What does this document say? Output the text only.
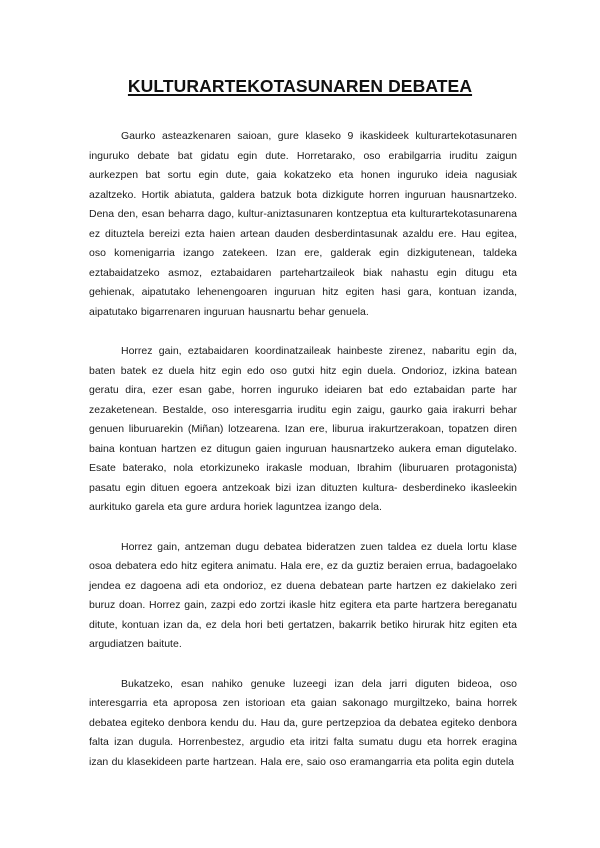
KULTURARTEKOTASUNAREN DEBATEA

Gaurko asteazkenaren saioan, gure klaseko 9 ikaskideek kulturartekotasunaren inguruko debate bat gidatu egin dute. Horretarako, oso erabilgarria iruditu zaigun aurkezpen bat sortu egin dute, gaia kokatzeko eta honen inguruko ideia nagusiak azaltzeko. Hortik abiatuta, galdera batzuk bota dizkigute horren inguruan hausnartzeko. Dena den, esan beharra dago, kultur-aniztasunaren kontzeptua eta kulturartekotasunarena ez dituztela bereizi ezta haien artean dauden desberdintasunak azaldu ere. Hau egitea, oso komenigarria izango zatekeen. Izan ere, galderak egin dizkigutenean, taldeka eztabaidatzeko asmoz, eztabaidaren partehartzaileok biak nahastu egin ditugu eta gehienak, aipatutako lehenengoaren inguruan hitz egiten hasi gara, kontuan izanda, aipatutako bigarrenaren inguruan hausnartu behar genuela.

Horrez gain, eztabaidaren koordinatzaileak hainbeste zirenez, nabaritu egin da, baten batek ez duela hitz egin edo oso gutxi hitz egin duela. Ondorioz, izkina batean geratu dira, ezer esan gabe, horren inguruko ideiaren bat edo eztabaidan parte har zezaketenean. Bestalde, oso interesgarria iruditu egin zaigu, gaurko gaia irakurri behar genuen liburuarekin (Miñan) lotzearena. Izan ere, liburua irakurtzerakoan, topatzen diren baina kontuan hartzen ez ditugun gaien inguruan hausnartzeko aukera eman digutelako. Esate baterako, nola etorkizuneko irakasle moduan, Ibrahim (liburuaren protagonista) pasatu egin dituen egoera antzekoak bizi izan dituzten kultura- desberdineko ikasleekin aurkituko garela eta gure ardura horiek laguntzea izango dela.

Horrez gain, antzeman dugu debatea bideratzen zuen taldea ez duela lortu klase osoa debatera edo hitz egitera animatu. Hala ere, ez da guztiz beraien errua, badagoelako jendea ez dagoena adi eta ondorioz, ez duena debatean parte hartzen ez dakielako zeri buruz doan. Horrez gain, zazpi edo zortzi ikasle hitz egitera eta parte hartzera bereganatu ditute, kontuan izan da, ez dela hori beti gertatzen, bakarrik betiko hirurak hitz egiten eta argudiatzen baitute.

Bukatzeko, esan nahiko genuke luzeegi izan dela jarri diguten bideoa, oso interesgarria eta aproposa zen istorioan eta gaian sakonago murgiltzeko, baina horrek debatea egiteko denbora kendu du. Hau da, gure pertzepzioa da debatea egiteko denbora falta izan dugula. Horrenbestez, argudio eta iritzi falta sumatu dugu eta horrek eragina izan du klasekideen parte hartzean. Hala ere, saio oso eramangarria eta polita egin dutela
